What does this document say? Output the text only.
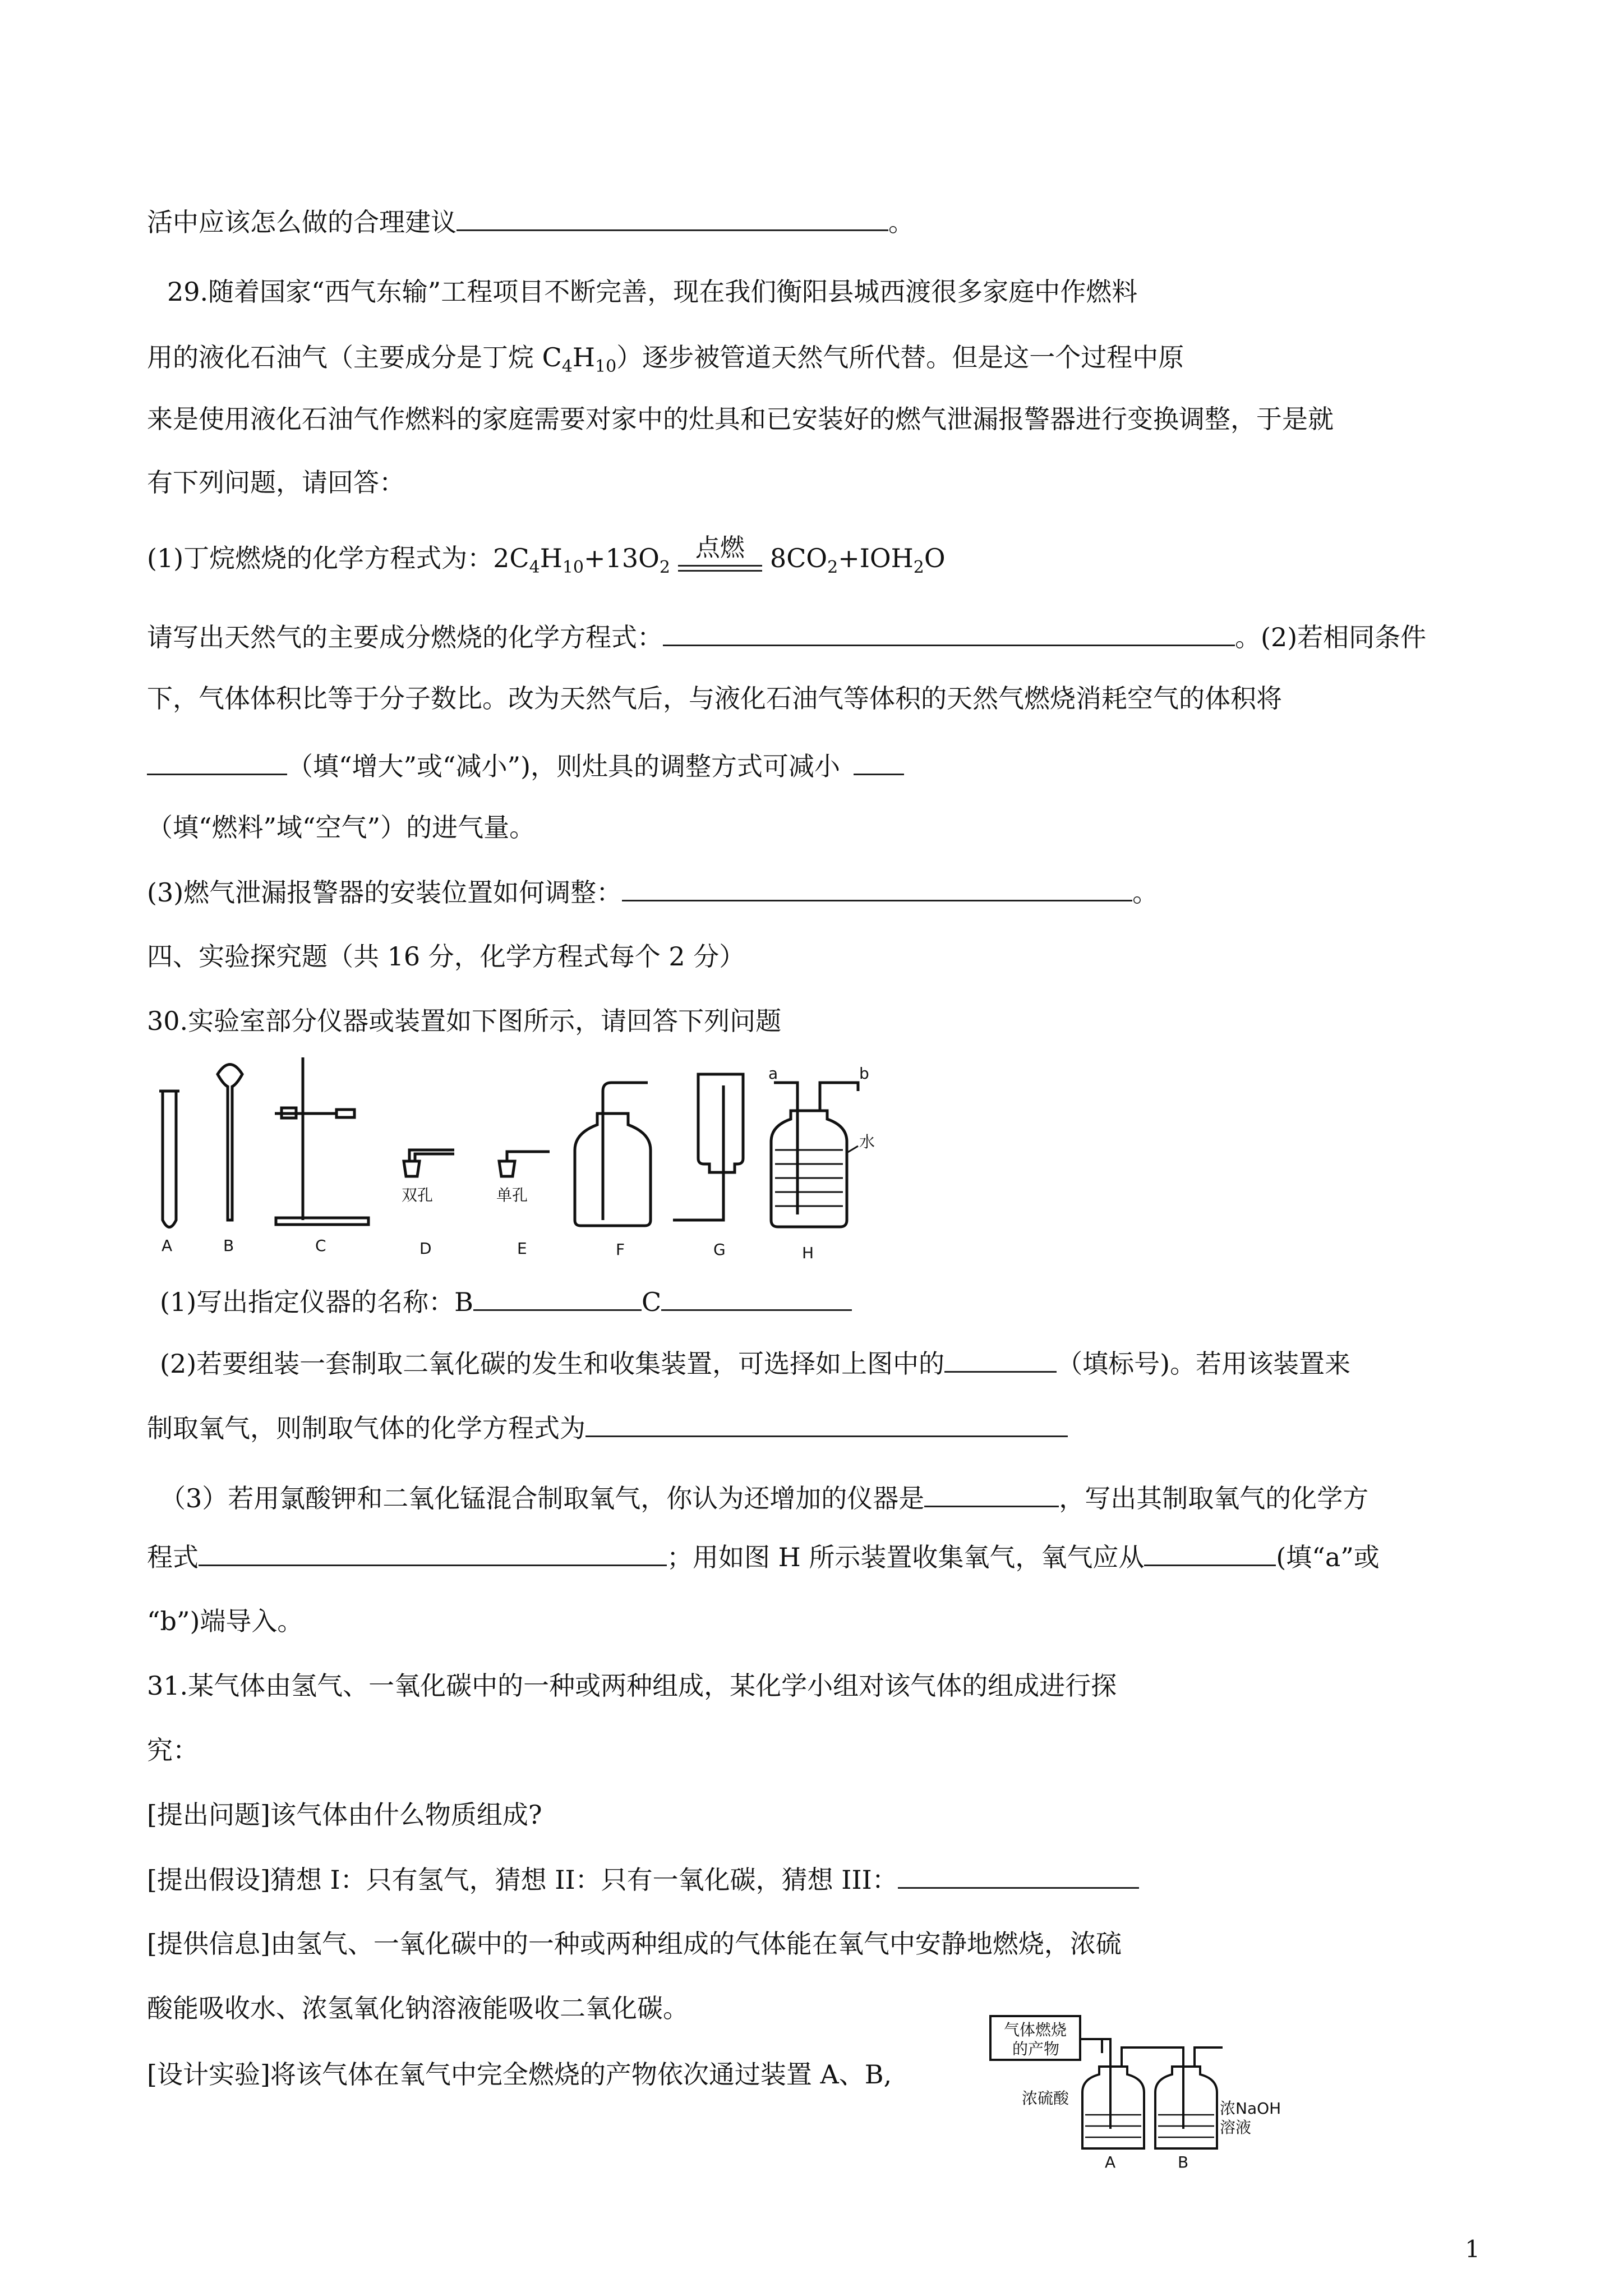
活中应该怎么做的合理建议	。
29.随着国家“西气东输”工程项目不断完善，现在我们衡阳县城西渡很多家庭中作燃料
用的液化石油气（主要成分是丁烷 $C_4H_{10}$）逐步被管道天然气所代替。但是这一个过程中原
来是使用液化石油气作燃料的家庭需要对家中的灶具和已安装好的燃气泄漏报警器进行变换调整，于是就
有下列问题，请回答：
(1)丁烷燃烧的化学方程式为：$2C_4H_{10}+13O_2$
点燃 $8CO_2+IOH_2O$
请写出天然气的主要成分燃烧的化学方程式：	。(2)若相同条件
下，气体体积比等于分子数比。改为天然气后，与液化石油气等体积的天然气燃烧消耗空气的体积将
（填“增大”或“减小”)，则灶具的调整方式可减小
（填“燃料”域“空气”）的进气量。
(3)燃气泄漏报警器的安装位置如何调整：	。
四、实验探究题（共 16 分，化学方程式每个 2 分）
30.实验室部分仪器或装置如下图所示，请回答下列问题
A	B	C	D	E	F	G	H
双孔	单孔
水
a	b
(1)写出指定仪器的名称：B	C
(2)若要组装一套制取二氧化碳的发生和收集装置，可选择如上图中的	（填标号)。若用该装置来
制取氧气，则制取气体的化学方程式为
（3）若用氯酸钾和二氧化锰混合制取氧气，你认为还增加的仪器是	，写出其制取氧气的化学方
程式	；用如图 H 所示装置收集氧气，氧气应从	(填“a”或
“b”)端导入。
31.某气体由氢气、一氧化碳中的一种或两种组成，某化学小组对该气体的组成进行探
究：
[提出问题]该气体由什么物质组成?
[提出假设]猜想 I：只有氢气，猜想 II：只有一氧化碳，猜想 III：
[提供信息]由氢气、一氧化碳中的一种或两种组成的气体能在氧气中安静地燃烧，浓硫
酸能吸收水、浓氢氧化钠溶液能吸收二氧化碳。
[设计实验]将该气体在氧气中完全燃烧的产物依次通过装置 A、B,
气体燃烧
的产物
浓硫酸
浓NaOH
溶液
A	B
1
